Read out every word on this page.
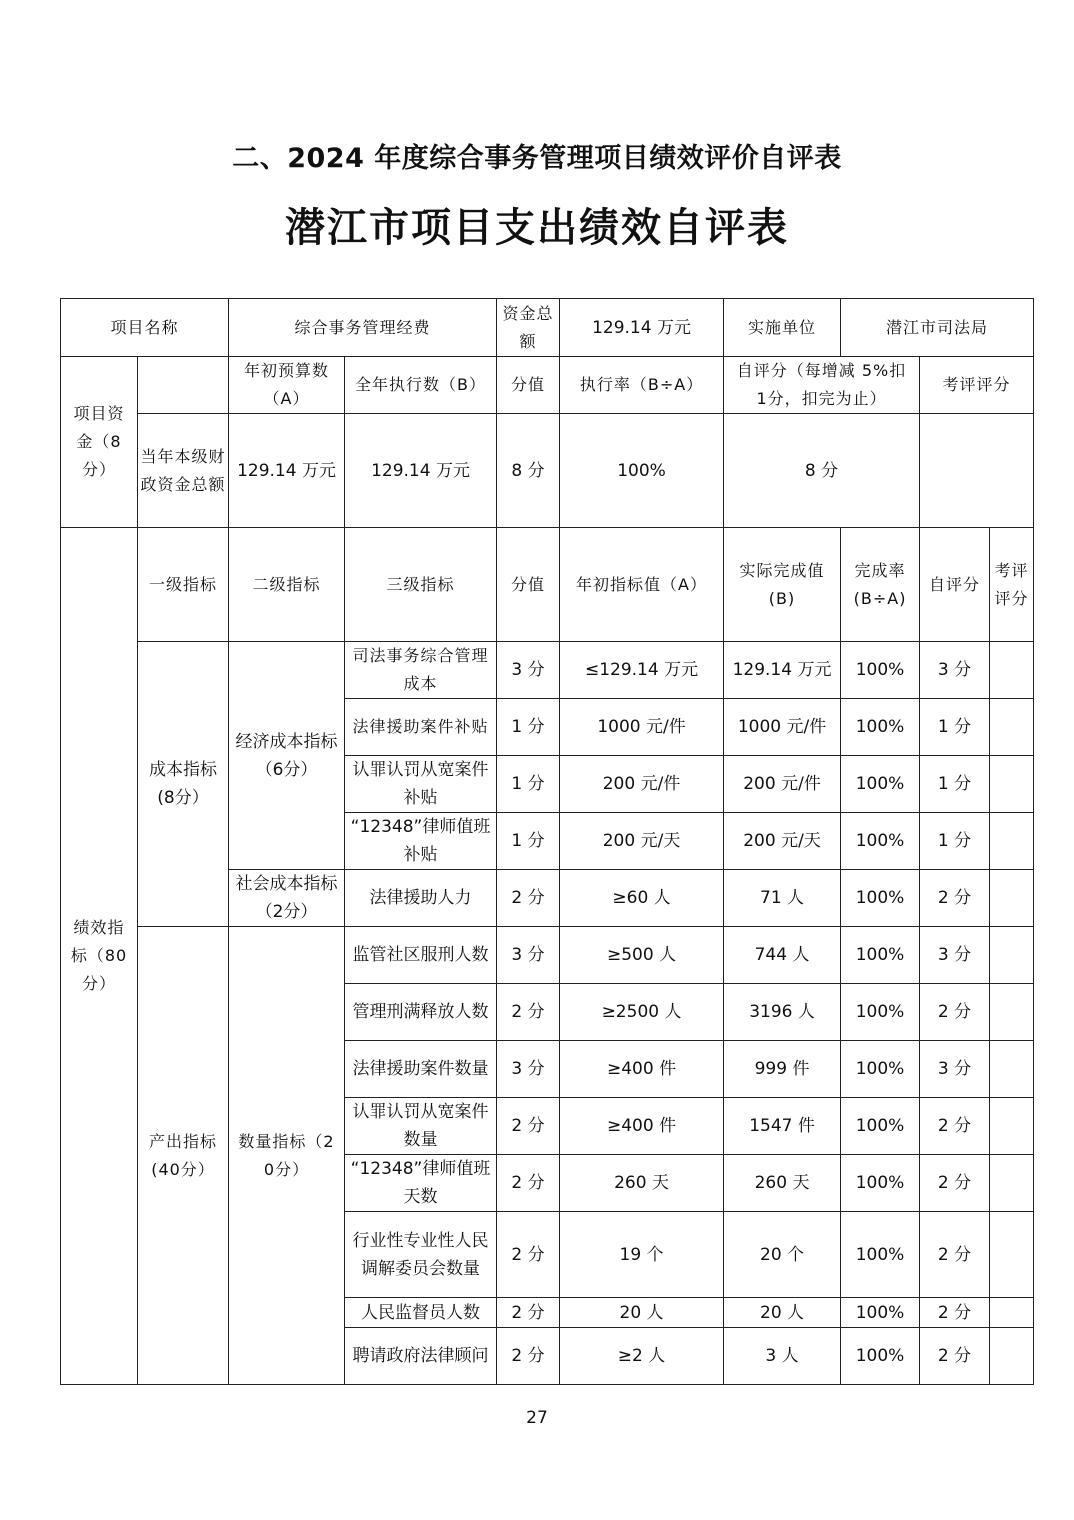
二、2024 年度综合事务管理项目绩效评价自评表
潜江市项目支出绩效自评表
项目名称		综合事务管理经费		资金总额	129.14 万元	实施单位	潜江市司法局		
项目资金（8分）		年初预算数（A）	全年执行数（B）	分值	执行率（B÷A）	自评分（每增减 5%扣 1分，扣完为止）		考评评分	
	当年本级财政资金总额	129.14 万元	129.14 万元	8 分	100%	8 分			
绩效指标（80分）	一级指标	二级指标	三级指标	分值	年初指标值（A）	实际完成值(B)	完成率(B÷A)	自评分	考评评分
	成本指标(8分）	经济成本指标（6分）	司法事务综合管理成本	3 分	≤129.14 万元	129.14 万元	100%	3 分	
			法律援助案件补贴	1 分	1000 元/件	1000 元/件	100%	1 分	
			认罪认罚从宽案件补贴	1 分	200 元/件	200 元/件	100%	1 分	
			“12348”律师值班补贴	1 分	200 元/天	200 元/天	100%	1 分	
		社会成本指标（2分）	法律援助人力	2 分	≥60 人	71 人	100%	2 分	
	产出指标(40分）	数量指标（20分）	监管社区服刑人数	3 分	≥500 人	744 人	100%	3 分	
			管理刑满释放人数	2 分	≥2500 人	3196 人	100%	2 分	
			法律援助案件数量	3 分	≥400 件	999 件	100%	3 分	
			认罪认罚从宽案件数量	2 分	≥400 件	1547 件	100%	2 分	
			“12348”律师值班天数	2 分	260 天	260 天	100%	2 分	
			行业性专业性人民调解委员会数量	2 分	19 个	20 个	100%	2 分	
			人民监督员人数	2 分	20 人	20 人	100%	2 分	
			聘请政府法律顾问	2 分	≥2 人	3 人	100%	2 分	
27
